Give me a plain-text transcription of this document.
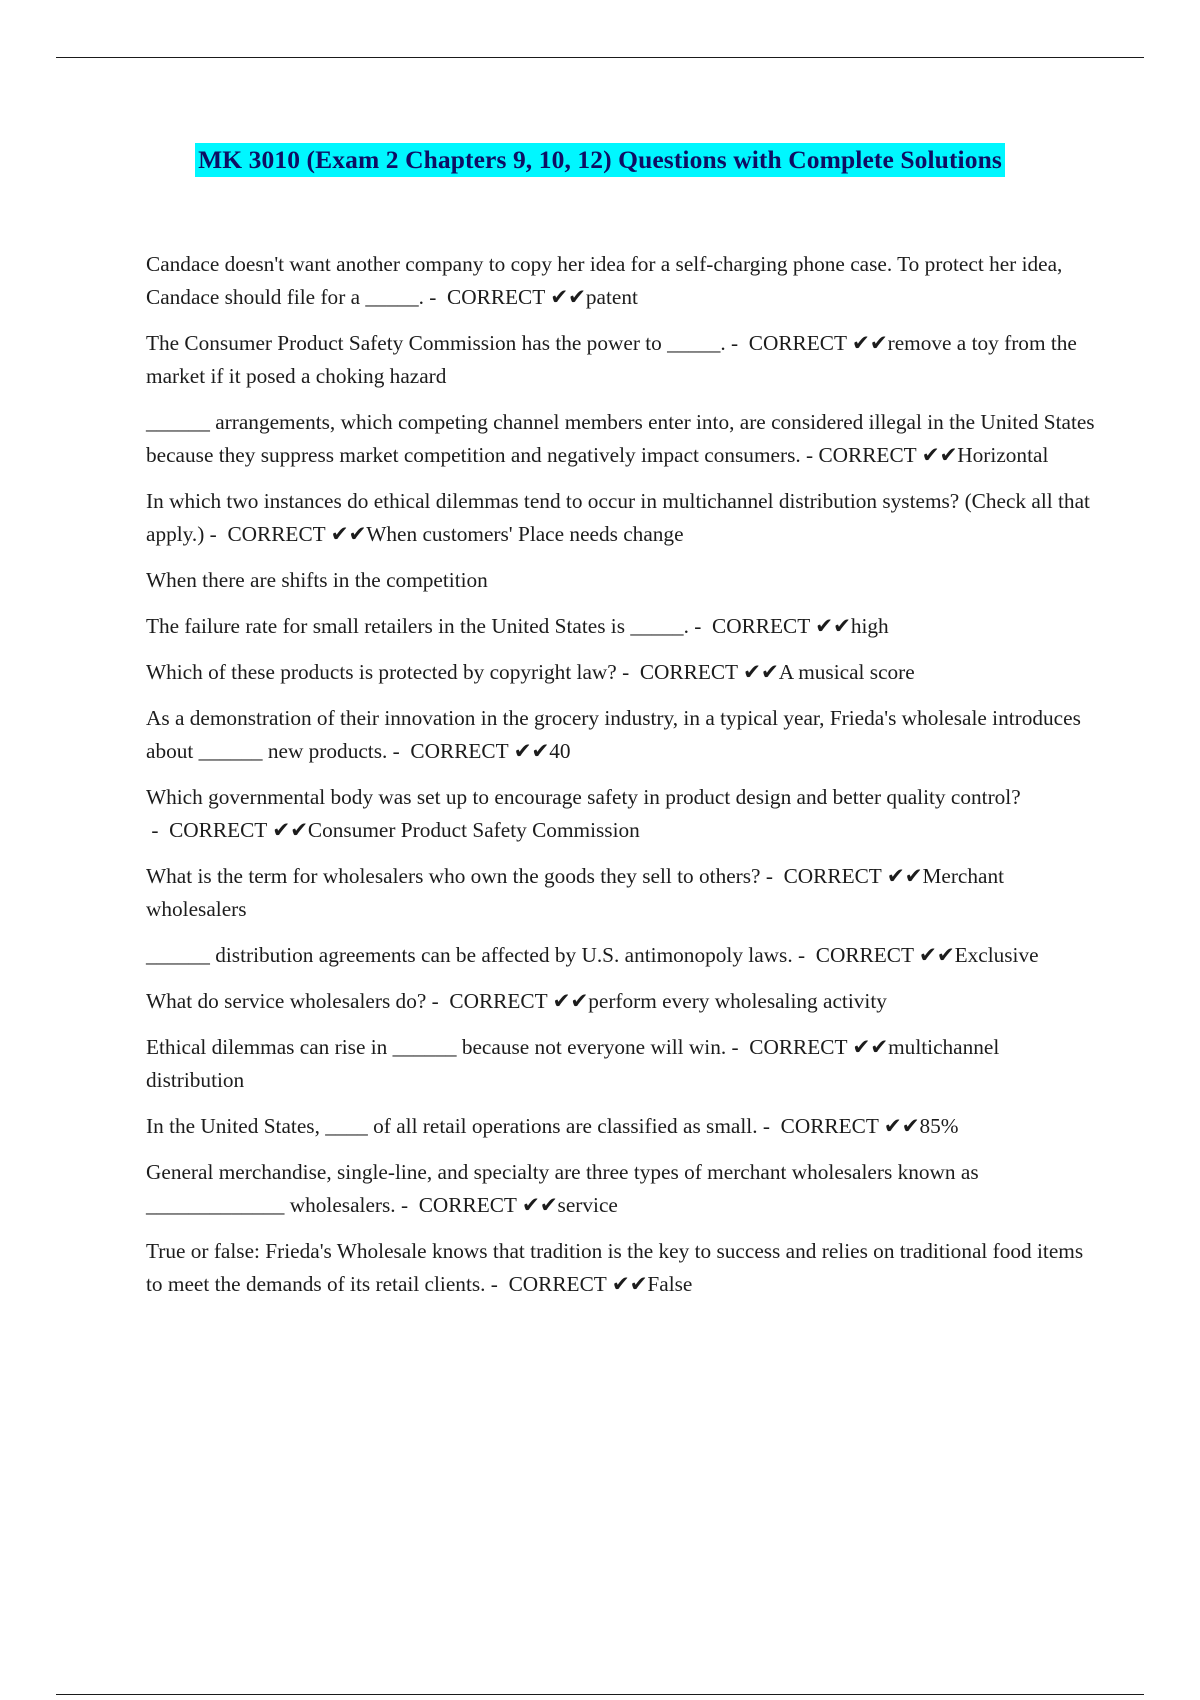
MK 3010 (Exam 2 Chapters 9, 10, 12) Questions with Complete Solutions

Candace doesn't want another company to copy her idea for a self-charging phone case. To protect her idea, Candace should file for a _____. -  CORRECT ✔✔patent

The Consumer Product Safety Commission has the power to _____. -  CORRECT ✔✔remove a toy from the market if it posed a choking hazard

______ arrangements, which competing channel members enter into, are considered illegal in the United States because they suppress market competition and negatively impact consumers. - CORRECT ✔✔Horizontal

In which two instances do ethical dilemmas tend to occur in multichannel distribution systems? (Check all that apply.) -  CORRECT ✔✔When customers' Place needs change

When there are shifts in the competition

The failure rate for small retailers in the United States is _____. -  CORRECT ✔✔high

Which of these products is protected by copyright law? -  CORRECT ✔✔A musical score

As a demonstration of their innovation in the grocery industry, in a typical year, Frieda's wholesale introduces about ______ new products. -  CORRECT ✔✔40

Which governmental body was set up to encourage safety in product design and better quality control? -  CORRECT ✔✔Consumer Product Safety Commission

What is the term for wholesalers who own the goods they sell to others? -  CORRECT ✔✔Merchant wholesalers

______ distribution agreements can be affected by U.S. antimonopoly laws. -  CORRECT ✔✔Exclusive

What do service wholesalers do? -  CORRECT ✔✔perform every wholesaling activity

Ethical dilemmas can rise in ______ because not everyone will win. -  CORRECT ✔✔multichannel distribution

In the United States, ____ of all retail operations are classified as small. -  CORRECT ✔✔85%

General merchandise, single-line, and specialty are three types of merchant wholesalers known as _____________ wholesalers. -  CORRECT ✔✔service

True or false: Frieda's Wholesale knows that tradition is the key to success and relies on traditional food items to meet the demands of its retail clients. -  CORRECT ✔✔False
